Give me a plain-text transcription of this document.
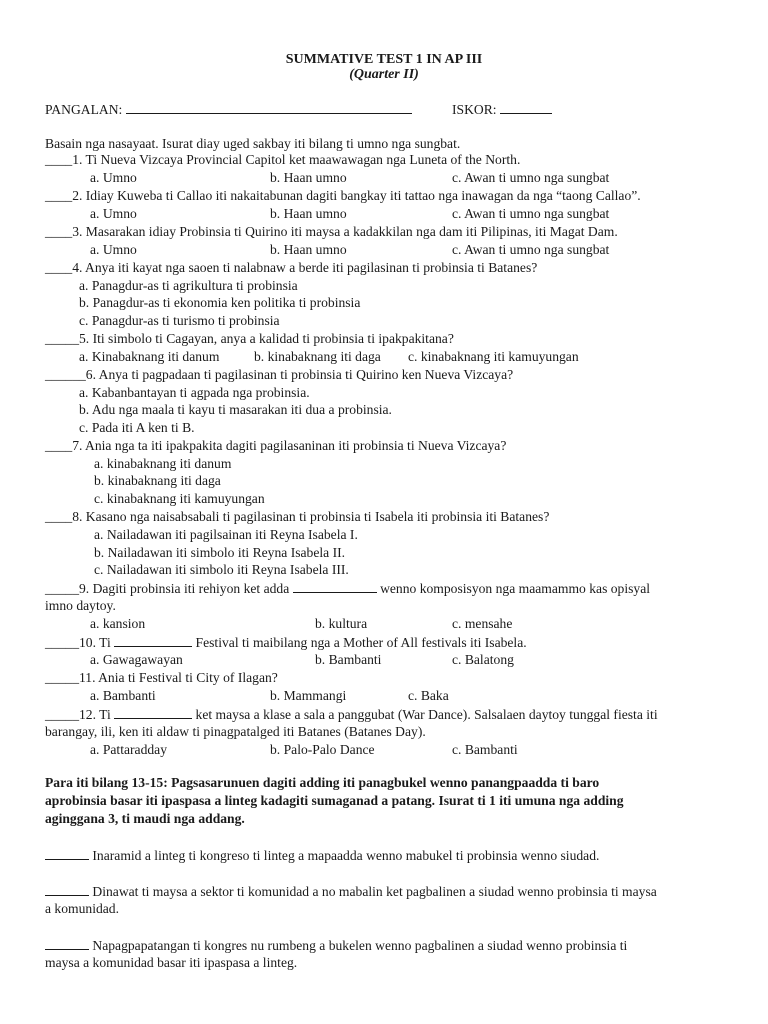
SUMMATIVE TEST 1 IN AP III
(Quarter II)
PANGALAN:	ISKOR:
Basain nga nasayaat. Isurat diay uged sakbay iti bilang ti umno nga sungbat.
____1. Ti Nueva Vizcaya Provincial Capitol ket maawawagan nga Luneta of the North.
a. Umno	b. Haan umno	c. Awan ti umno nga sungbat
____2. Idiay Kuweba ti Callao iti nakaitabunan dagiti bangkay iti tattao nga inawagan da nga “taong Callao”.
a. Umno	b. Haan umno	c. Awan ti umno nga sungbat
____3. Masarakan idiay Probinsia ti Quirino iti maysa a kadakkilan nga dam iti Pilipinas, iti Magat Dam.
a. Umno	b. Haan umno	c. Awan ti umno nga sungbat
____4. Anya iti kayat nga saoen ti nalabnaw a berde iti pagilasinan ti probinsia ti Batanes?
a. Panagdur-as ti agrikultura ti probinsia
b. Panagdur-as ti ekonomia ken politika ti probinsia
c. Panagdur-as ti turismo ti probinsia
_____5. Iti simbolo ti Cagayan, anya a kalidad ti probinsia ti ipakpakitana?
a. Kinabaknang iti danum	b. kinabaknang iti daga c. kinabaknang iti kamuyungan
______6. Anya ti pagpadaan ti pagilasinan ti probinsia ti Quirino ken Nueva Vizcaya?
a. Kabanbantayan ti agpada nga probinsia.
b. Adu nga maala ti kayu ti masarakan iti dua a probinsia.
c. Pada iti A ken ti B.
____7. Ania nga ta iti ipakpakita dagiti pagilasaninan iti probinsia ti Nueva Vizcaya?
a. kinabaknang iti danum
b. kinabaknang iti daga
c. kinabaknang iti kamuyungan
____8. Kasano nga naisabsabali ti pagilasinan ti probinsia ti Isabela iti probinsia iti Batanes?
a. Nailadawan iti pagilsainan iti Reyna Isabela I.
b. Nailadawan iti simbolo iti Reyna Isabela II.
c. Nailadawan iti simbolo iti Reyna Isabela III.
_____9. Dagiti probinsia iti rehiyon ket adda	wenno komposisyon nga maamammo kas opisyal
imno daytoy.
a. kansion	b. kultura	c. mensahe
_____10. Ti	Festival ti maibilang nga a Mother of All festivals iti Isabela.
a. Gawagawayan	b. Bambanti	c. Balatong
_____11. Ania ti Festival ti City of Ilagan?
a. Bambanti	b. Mammangi	c. Baka
_____12. Ti	ket maysa a klase a sala a panggubat (War Dance). Salsalaen daytoy tunggal fiesta iti
barangay, ili, ken iti aldaw ti pinagpatalged iti Batanes (Batanes Day).
a. Pattaradday	b. Palo-Palo Dance	c. Bambanti
Para iti bilang 13-15: Pagsasarunuen dagiti adding iti panagbukel wenno panangpaadda ti baro
aprobinsia basar iti ipaspasa a linteg kadagiti sumaganad a patang. Isurat ti 1 iti umuna nga adding
agingganа 3, ti maudi nga addang.
Inaramid a linteg ti kongreso ti linteg a mapaadda wenno mabukel ti probinsia wenno siudad.
Dinawat ti maysa a sektor ti komunidad a no mabalin ket pagbalinen a siudad wenno probinsia ti maysa
a komunidad.
Napagpapatangan ti kongres nu rumbeng a bukelen wenno pagbalinen a siudad wenno probinsia ti
maysa a komunidad basar iti ipaspasa a linteg.
